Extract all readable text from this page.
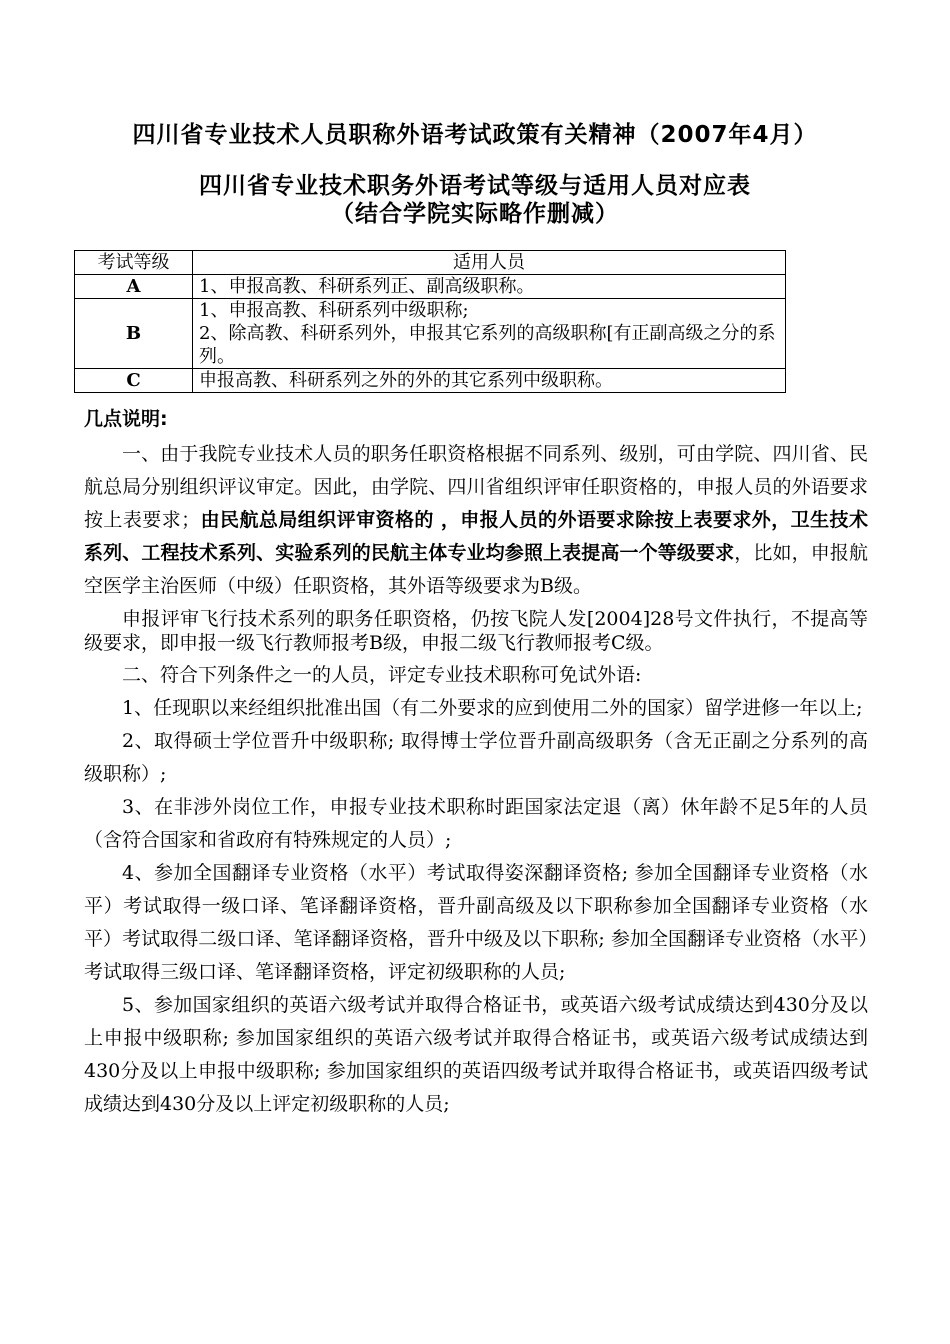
四川省专业技术人员职称外语考试政策有关精神（2007年4月）
四川省专业技术职务外语考试等级与适用人员对应表
（结合学院实际略作删减）
考试等级	适用人员
A	1、申报高教、科研系列正、副高级职称。

B	1、申报高教、科研系列中级职称;
2、除高教、科研系列外，申报其它系列的高级职称[有正副高级之分的系列。

C	申报高教、科研系列之外的外的其它系列中级职称。
几点说明:

一、由于我院专业技术人员的职务任职资格根据不同系列、级别，可由学院、四川省、民航总局分别组织评议审定。因此，由学院、四川省组织评审任职资格的，申报人员的外语要求按上表要求；由民航总局组织评审资格的 ，申报人员的外语要求除按上表要求外，卫生技术系列、工程技术系列、实验系列的民航主体专业均参照上表提高一个等级要求，比如，申报航空医学主治医师（中级）任职资格，其外语等级要求为B级。

申报评审飞行技术系列的职务任职资格，仍按飞院人发[2004]28号文件执行，不提高等级要求，即申报一级飞行教师报考B级，申报二级飞行教师报考C级。

二、符合下列条件之一的人员，评定专业技术职称可免试外语:

1、任现职以来经组织批准出国（有二外要求的应到使用二外的国家）留学进修一年以上;

2、取得硕士学位晋升中级职称; 取得博士学位晋升副高级职务（含无正副之分系列的高级职称）;

3、在非涉外岗位工作，申报专业技术职称时距国家法定退（离）休年龄不足5年的人员（含符合国家和省政府有特殊规定的人员）;

4、参加全国翻译专业资格（水平）考试取得姿深翻译资格; 参加全国翻译专业资格（水平）考试取得一级口译、笔译翻译资格，晋升副高级及以下职称参加全国翻译专业资格（水平）考试取得二级口译、笔译翻译资格，晋升中级及以下职称; 参加全国翻译专业资格（水平）考试取得三级口译、笔译翻译资格，评定初级职称的人员;

5、参加国家组织的英语六级考试并取得合格证书，或英语六级考试成绩达到430分及以上申报中级职称; 参加国家组织的英语六级考试并取得合格证书，或英语六级考试成绩达到430分及以上申报中级职称; 参加国家组织的英语四级考试并取得合格证书，或英语四级考试成绩达到430分及以上评定初级职称的人员;
